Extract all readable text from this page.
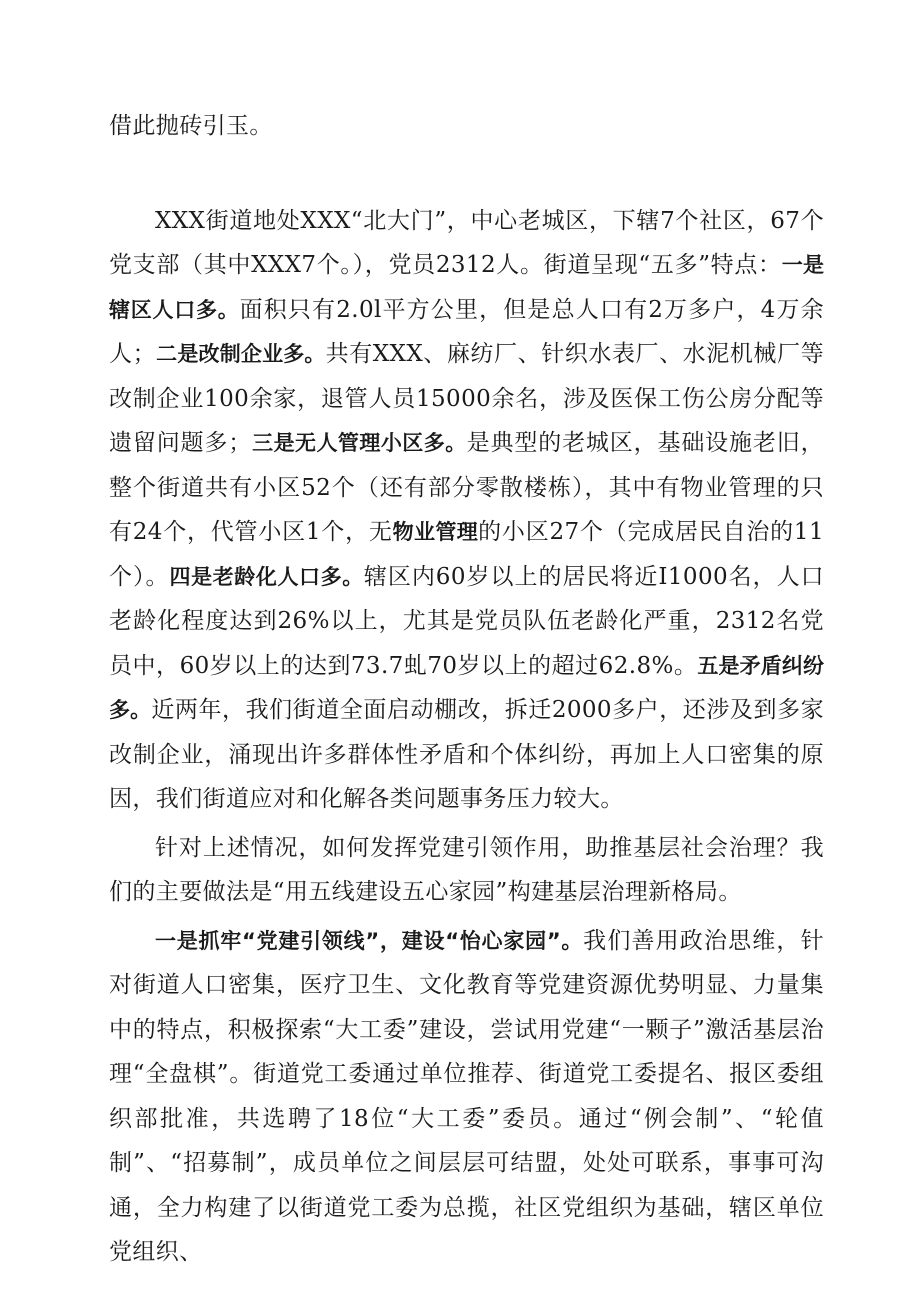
借此抛砖引玉。

XXX街道地处XXX“北大门”，中心老城区，下辖7个社区，67个党支部（其中XXX7个。），党员2312人。街道呈现“五多”特点：一是辖区人口多。面积只有2.0l平方公里，但是总人口有2万多户，4万余人；二是改制企业多。共有XXX、麻纺厂、针织水表厂、水泥机械厂等改制企业100余家，退管人员15000余名，涉及医保工伤公房分配等遗留问题多；三是无人管理小区多。是典型的老城区，基础设施老旧，整个街道共有小区52个（还有部分零散楼栋），其中有物业管理的只有24个，代管小区1个，无物业管理的小区27个（完成居民自治的11个）。四是老龄化人口多。辖区内60岁以上的居民将近I1000名，人口老龄化程度达到26%以上，尤其是党员队伍老龄化严重，2312名党员中，60岁以上的达到73.7虬70岁以上的超过62.8%。五是矛盾纠纷多。近两年，我们街道全面启动棚改，拆迁2000多户，还涉及到多家改制企业，涌现出许多群体性矛盾和个体纠纷，再加上人口密集的原因，我们街道应对和化解各类问题事务压力较大。

针对上述情况，如何发挥党建引领作用，助推基层社会治理？我们的主要做法是“用五线建设五心家园”构建基层治理新格局。

一是抓牢“党建引领线”，建设“怡心家园”。我们善用政治思维，针对街道人口密集，医疗卫生、文化教育等党建资源优势明显、力量集中的特点，积极探索“大工委”建设，尝试用党建“一颗子”激活基层治理“全盘棋”。街道党工委通过单位推荐、街道党工委提名、报区委组织部批准，共选聘了18位“大工委”委员。通过“例会制”、“轮值制”、“招募制”，成员单位之间层层可结盟，处处可联系，事事可沟通，全力构建了以街道党工委为总揽，社区党组织为基础，辖区单位党组织、
